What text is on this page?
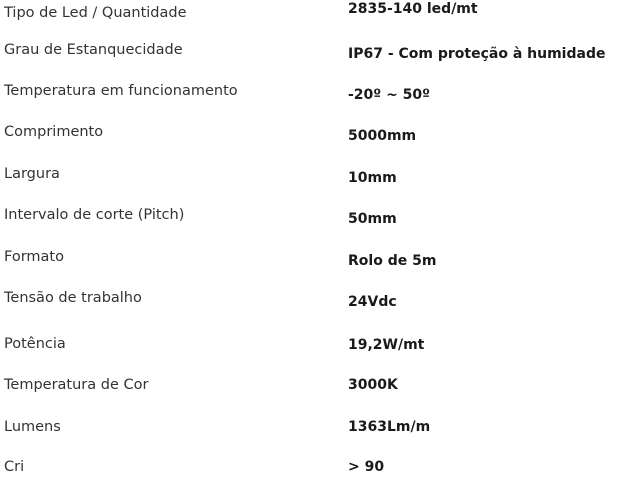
Tipo de Led / Quantidade	2835-140 led/mt
Grau de Estanquecidade	IP67 - Com proteção à humidade
Temperatura em funcionamento	-20º ~ 50º
Comprimento	5000mm
Largura	10mm
Intervalo de corte (Pitch)	50mm
Formato	Rolo de 5m
Tensão de trabalho	24Vdc
Potência	19,2W/mt
Temperatura de Cor	3000K
Lumens	1363Lm/m
Cri	> 90
